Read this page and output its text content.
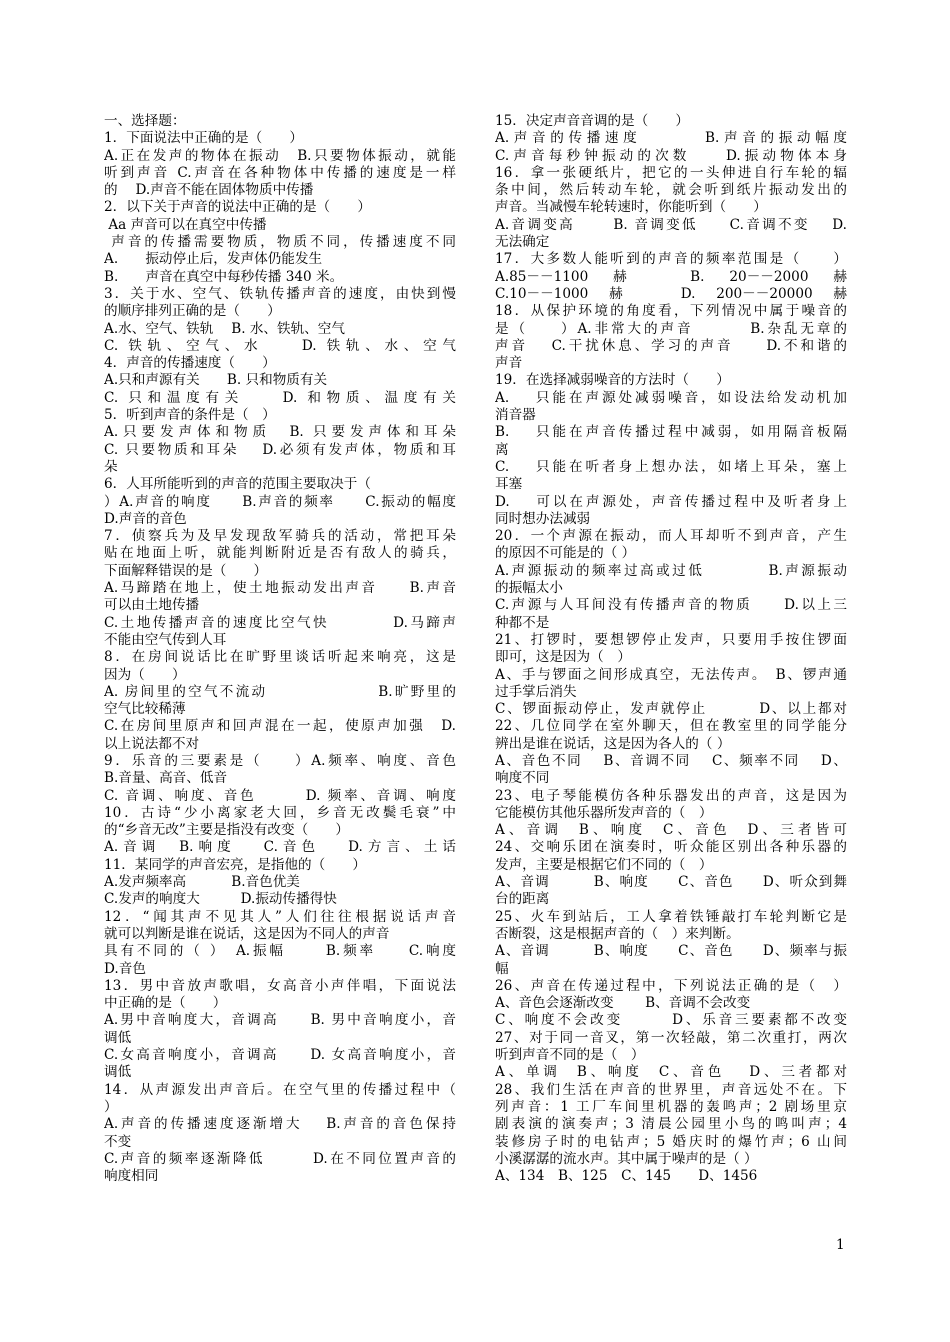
一、选择题：
1．下面说法中正确的是（　　）
A.正在发声的物体在振动　B.只要物体振动，就能
听到声音 C.声音在各种物体中传播的速度是一样
的　 D.声音不能在固体物质中传播
2．以下关于声音的说法中正确的是（　　）
Aa 声音可以在真空中传播
声音的传播需要物质，物质不同，传播速度不同
A.　　振动停止后，发声体仍能发生
B.　　声音在真空中每秒传播 340 米。
3．关于水、空气、铁轨传播声音的速度，由快到慢
的顺序排列正确的是（　　）
A.水、空气、铁轨　 B. 水、铁轨、空气
C. 铁轨、空气、水　　D. 铁轨、水、空气
4．声音的传播速度（　　）
A.只和声源有关　　B. 只和物质有关
C. 只和温度有关　　D. 和物质、温度有关
5．听到声音的条件是（　）
A.只要发声体和物质　B. 只要发声体和耳朵
C. 只要物质和耳朵　 D.必须有发声体，物质和耳
朵
6．人耳所能听到的声音的范围主要取决于（
）A.声音的响度　　B.声音的频率　　C.振动的幅度
D.声音的音色
7．侦察兵为及早发现敌军骑兵的活动，常把耳朵
贴在地面上听，就能判断附近是否有敌人的骑兵，
下面解释错误的是（　　）
A.马蹄踏在地上，使土地振动发出声音　　B.声音
可以由土地传播
C.土地传播声音的速度比空气快　　　　D.马蹄声
不能由空气传到人耳
8．在房间说话比在旷野里谈话听起来响亮，这是
因为（　　）
A. 房间里的空气不流动　　　　　　　B.旷野里的
空气比较稀薄
C.在房间里原声和回声混在一起，使原声加强　D.
以上说法都不对
9．乐音的三要素是（　　）A.频率、响度、音色
B.音量、高音、低音
C. 音调、响度、音色　　　D. 频率、音调、响度
10．古诗“少小离家老大回，乡音无改鬓毛衰”中
的“乡音无改”主要是指没有改变（　　）
A.音调  B.响度　 C.音色　 D.方言、土话
11．某同学的声音宏亮，是指他的（　　）
A.发声频率高　　　 B.音色优美
C.发声的响度大　　　D.振动传播得快
12．“闻其声不见其人”人们往往根据说话声音
就可以判断是谁在说话，这是因为不同人的声音
具有不同的（ ）　A.振幅　　 B.频率　　C.响度
D.音色
13．男中音放声歌唱，女高音小声伴唱，下面说法
中正确的是（　　）
A.男中音响度大，音调高　　B. 男中音响度小，音
调低
C.女高音响度小，音调高　　D. 女高音响度小，音
调低
14．从声源发出声音后。在空气里的传播过程中（
）
A.声音的传播速度逐渐增大　 B.声音的音色保持
不变
C.声音的频率逐渐降低　　　D.在不同位置声音的
响度相同
15．决定声音音调的是（　　）
A.声音的传播速度　　　 B.声音的振动幅度
C.声音每秒钟振动的次数　　D.振动物体本身
16．拿一张硬纸片，把它的一头伸进自行车轮的辐
条中间，然后转动车轮，就会听到纸片振动发出的
声音。当减慢车轮转速时，你能听到（　　）
A.音调变高　　 B. 音调变低　　C.音调不变　 D.
无法确定
17．大多数人能听到的声音的频率范围是（　　）
A.85－－1100　赫　　　B.　20－－2000　赫
C.10－－1000 赫  D. 200－－20000 赫
18．从保护环境的角度看，下列情况中属于噪音的
是（　　）A.非常大的声音　　　 B.杂乱无章的
声音　 C.干扰休息、学习的声音　　D.不和谐的
声音
19．在选择减弱噪音的方法时（　　）
A.　 只能在声源处减弱噪音，如设法给发动机加
消音器
B.　 只能在声音传播过程中减弱，如用隔音板隔
离
C.　 只能在听者身上想办法，如堵上耳朵，塞上
耳塞
D.　 可以在声源处，声音传播过程中及听者身上
同时想办法减弱
20．一个声源在振动，而人耳却听不到声音，产生
的原因不可能是的（ ）
A.声源振动的频率过高或过低　　　　B.声源振动
的振幅太小
C.声源与人耳间没有传播声音的物质　　D.以上三
种都不是
21、打锣时，要想锣停止发声，只要用手按住锣面
即可，这是因为（　）
A、手与锣面之间形成真空，无法传声。　B、锣声通
过手掌后消失
C、锣面振动停止，发声就停止　　　 D、以上都对
22、几位同学在室外聊天，但在教室里的同学能分
辨出是谁在说话，这是因为各人的（ ）
A、音色不同　 B、音调不同　 C、频率不同　 D、
响度不同
23、电子琴能模仿各种乐器发出的声音，这是因为
它能模仿其他乐器所发声音的（　）
A、音调  B、响度  C、音色  D、三者皆可
24、交响乐团在演奏时，听众能区别出各种乐器的
发声，主要是根据它们不同的（　）
A、音调　　　B、响度　　C、音色　　D、听众到舞
台的距离
25、火车到站后，工人拿着铁锤敲打车轮判断它是
否断裂，这是根据声音的（　）来判断。
A、音调　　　B、响度　　C、音色　　D、频率与振
幅
26、声音在传递过程中，下列说法正确的是（　）
A、音色会逐渐改变　　 B、音调不会改变
C、响度不会改变　　　D、乐音三要素都不改变
27、对于同一音叉，第一次轻敲，第二次重打，两次
听到声音不同的是（　）
A、单调  B、响度  C、音色   D、三者都对
28、我们生活在声音的世界里，声音远处不在。下
列声音：1 工厂车间里机器的轰鸣声；2 剧场里京
剧表演的演奏声；3 清晨公园里小鸟的鸣叫声；4
装修房子时的电钻声；5 婚庆时的爆竹声；6 山间
小溪潺潺的流水声。其中属于噪声的是（ ）
A、134　B、125　C、145　　D、1456
1
